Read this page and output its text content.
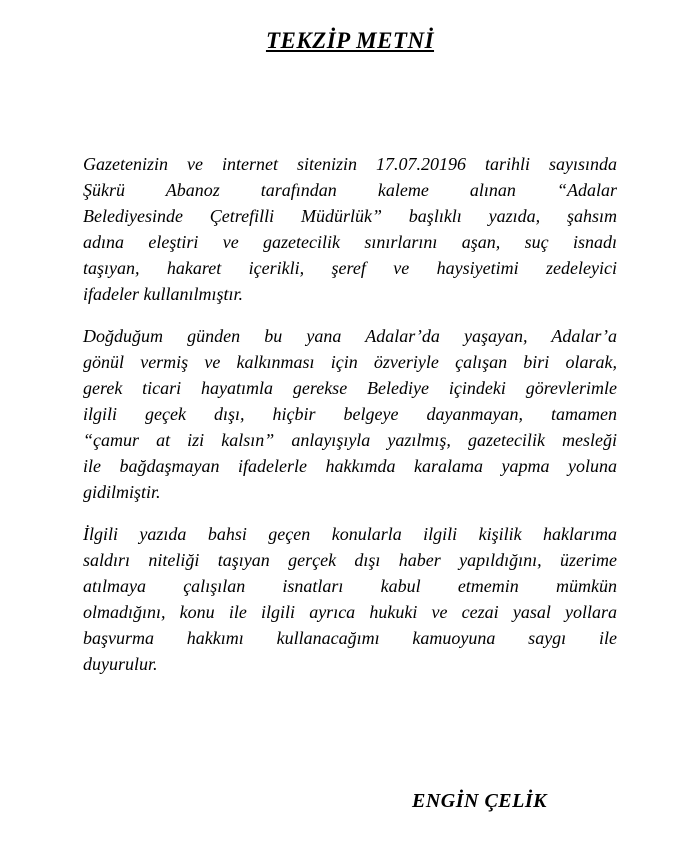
TEKZİP METNİ
Gazetenizin ve internet sitenizin 17.07.20196 tarihli sayısında
Şükrü Abanoz tarafından kaleme alınan “Adalar
Belediyesinde Çetrefilli Müdürlük” başlıklı yazıda, şahsım
adına eleştiri ve gazetecilik sınırlarını aşan, suç isnadı
taşıyan, hakaret içerikli, şeref ve haysiyetimi zedeleyici
ifadeler kullanılmıştır.
Doğduğum günden bu yana Adalar’da yaşayan, Adalar’a
gönül vermiş ve kalkınması için özveriyle çalışan biri olarak,
gerek ticari hayatımla gerekse Belediye içindeki görevlerimle
ilgili geçek dışı, hiçbir belgeye dayanmayan, tamamen
“çamur at izi kalsın” anlayışıyla yazılmış, gazetecilik mesleği
ile bağdaşmayan ifadelerle hakkımda karalama yapma yoluna
gidilmiştir.
İlgili yazıda bahsi geçen konularla ilgili kişilik haklarıma
saldırı niteliği taşıyan gerçek dışı haber yapıldığını, üzerime
atılmaya çalışılan isnatları kabul etmemin mümkün
olmadığını, konu ile ilgili ayrıca hukuki ve cezai yasal yollara
başvurma hakkımı kullanacağımı kamuoyuna saygı ile
duyurulur.
ENGİN ÇELİK
